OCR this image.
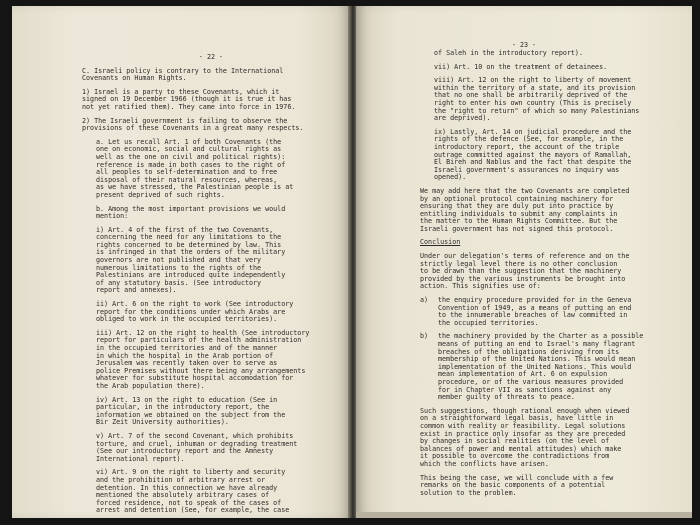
- 22 -

C. Israeli policy is contrary to the International
Covenants on Human Rights.

1) Israel is a party to these Covenants, which it
signed on 19 December 1966 (though it is true it has
not yet ratified them). They came into force in 1976.

2) The Israeli government is failing to observe the
provisions of these Covenants in a great many respects.

a. Let us recall Art. 1 of both Covenants (the
one on economic, social and cultural rights as
well as the one on civil and political rights):
reference is made in both cases to the right of
all peoples to self-determination and to free
disposal of their natural resources, whereas,
as we have stressed, the Palestinian people is at
present deprived of such rights.

b. Among the most important provisions we would
mention:

i) Art. 4 of the first of the two Covenants,
concerning the need for any limitations to the
rights concerned to be determined by law. This
is infringed in that the orders of the military
governors are not published and that very
numerous limitations to the rights of the
Palestinians are introduced quite independently
of any statutory basis. (See introductory
report and annexes).

ii) Art. 6 on the right to work (See introductory
report for the conditions under which Arabs are
obliged to work in the occupied territories).

iii) Art. 12 on the right to health (See introductory
report for particulars of the health administration
in the occupied territories and of the manner
in which the hospital in the Arab portion of
Jerusalem was recently taken over to serve as
police Premises without there being any arrangements
whatever for substitute hospital accomodation for
the Arab population there).

iv) Art. 13 on the right to education (See in
particular, in the introductory report, the
information we obtained on the subject from the
Bir Zeit University authorities).

v) Art. 7 of the second Covenant, which prohibits
torture, and cruel, inhuman or degrading treatment
(See our introductory report and the Amnesty
International report).

vi) Art. 9 on the right to liberty and security
and the prohibition of arbitrary arrest or
detention. In this connection we have already
mentioned the absolutely arbitrary cases of
forced residence, not to speak of the cases of
arrest and detention (See, for example, the case

- 23 -

of Saleh in the introductory report).

vii) Art. 10 on the treatment of detainees.

viii) Art. 12 on the right to liberty of movement
within the territory of a state, and its provision
that no one shall be arbitrarily deprived of the
right to enter his own country (This is precisely
the "right to return" of which so many Palestinians
are deprived).

ix) Lastly, Art. 14 on judicial procedure and the
rights of the defence (See, for example, in the
introductory report, the account of the triple
outrage committed against the mayors of Ramallah,
El Bireh and Nablus and the fact that despite the
Israeli government's assurances no inquiry was
opened).

We may add here that the two Covenants are completed
by an optional protocol containing machinery for
ensuring that they are duly put into practice by
entitling individuals to submit any complaints in
the matter to the Human Rights Committee. But the
Israeli government has not signed this protocol.

Conclusion

Under our delegation's terms of reference and on the
strictly legal level there is no other conclusion
to be drawn than the suggestion that the machinery
provided by the various instruments be brought into
action. This signifies use of:

a)	the enquiry procedure provided for in the Geneva
Convention of 1949, as a means of putting an end
to the innumerable breaches of law committed in
the occupied territories.
b)	the machinery provided by the Charter as a possible
means of putting an end to Israel's many flagrant
breaches of the obligations deriving from its
membership of the United Nations. This would mean
implementation of the United Nations. This would
mean implementation of Art. 6 on expulsion
procedure, or of the various measures provided
for in Chapter VII as sanctions against any
member guilty of threats to peace.

Such suggestions, though rational enough when viewed
on a straightforward legal basis, have little in
common with reality or feasibility. Legal solutions
exist in practice only insofar as they are preceded
by changes in social realities (on the level of
balances of power and mental attitudes) which make
it possible to overcome the contradictions from
which the conflicts have arisen.

This being the case, we will conclude with a few
remarks on the basic components of a potential
solution to the problem.
